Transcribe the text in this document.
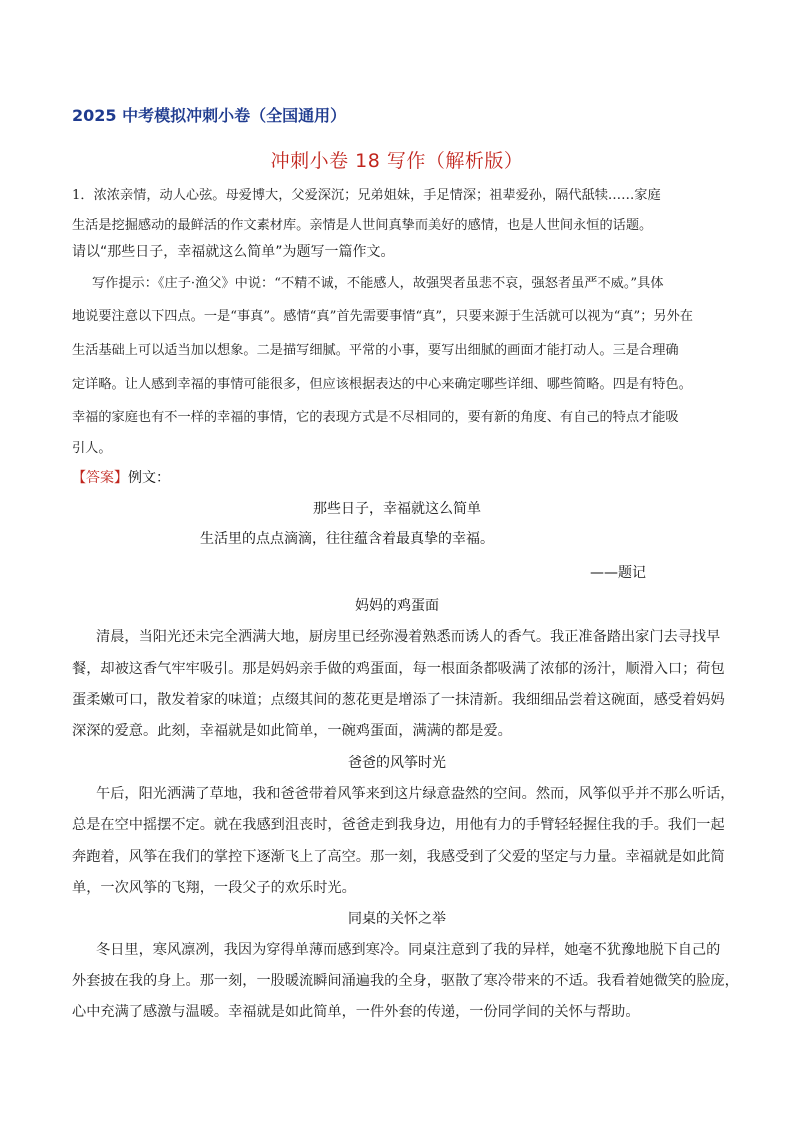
2025 中考模拟冲刺小卷（全国通用）
冲刺小卷 18 写作（解析版）
1．浓浓亲情，动人心弦。母爱博大，父爱深沉；兄弟姐妹，手足情深；祖辈爱孙，隔代舐犊……家庭
生活是挖掘感动的最鲜活的作文素材库。亲情是人世间真挚而美好的感情，也是人世间永恒的话题。
请以“那些日子，幸福就这么简单”为题写一篇作文。
写作提示：《庄子·渔父》中说：“不精不诚，不能感人，故强哭者虽悲不哀，强怒者虽严不威。”具体
地说要注意以下四点。一是“事真”。感情“真”首先需要事情“真”，只要来源于生活就可以视为“真”；另外在
生活基础上可以适当加以想象。二是描写细腻。平常的小事，要写出细腻的画面才能打动人。三是合理确
定详略。让人感到幸福的事情可能很多，但应该根据表达的中心来确定哪些详细、哪些简略。四是有特色。
幸福的家庭也有不一样的幸福的事情，它的表现方式是不尽相同的，要有新的角度、有自己的特点才能吸
引人。
【答案】例文：
那些日子，幸福就这么简单
生活里的点点滴滴，往往蕴含着最真挚的幸福。
——题记
妈妈的鸡蛋面
清晨，当阳光还未完全洒满大地，厨房里已经弥漫着熟悉而诱人的香气。我正准备踏出家门去寻找早
餐，却被这香气牢牢吸引。那是妈妈亲手做的鸡蛋面，每一根面条都吸满了浓郁的汤汁，顺滑入口；荷包
蛋柔嫩可口，散发着家的味道；点缀其间的葱花更是增添了一抹清新。我细细品尝着这碗面，感受着妈妈
深深的爱意。此刻，幸福就是如此简单，一碗鸡蛋面，满满的都是爱。
爸爸的风筝时光
午后，阳光洒满了草地，我和爸爸带着风筝来到这片绿意盎然的空间。然而，风筝似乎并不那么听话，
总是在空中摇摆不定。就在我感到沮丧时，爸爸走到我身边，用他有力的手臂轻轻握住我的手。我们一起
奔跑着，风筝在我们的掌控下逐渐飞上了高空。那一刻，我感受到了父爱的坚定与力量。幸福就是如此简
单，一次风筝的飞翔，一段父子的欢乐时光。
同桌的关怀之举
冬日里，寒风凛冽，我因为穿得单薄而感到寒冷。同桌注意到了我的异样，她毫不犹豫地脱下自己的
外套披在我的身上。那一刻，一股暖流瞬间涌遍我的全身，驱散了寒冷带来的不适。我看着她微笑的脸庞，
心中充满了感激与温暖。幸福就是如此简单，一件外套的传递，一份同学间的关怀与帮助。
